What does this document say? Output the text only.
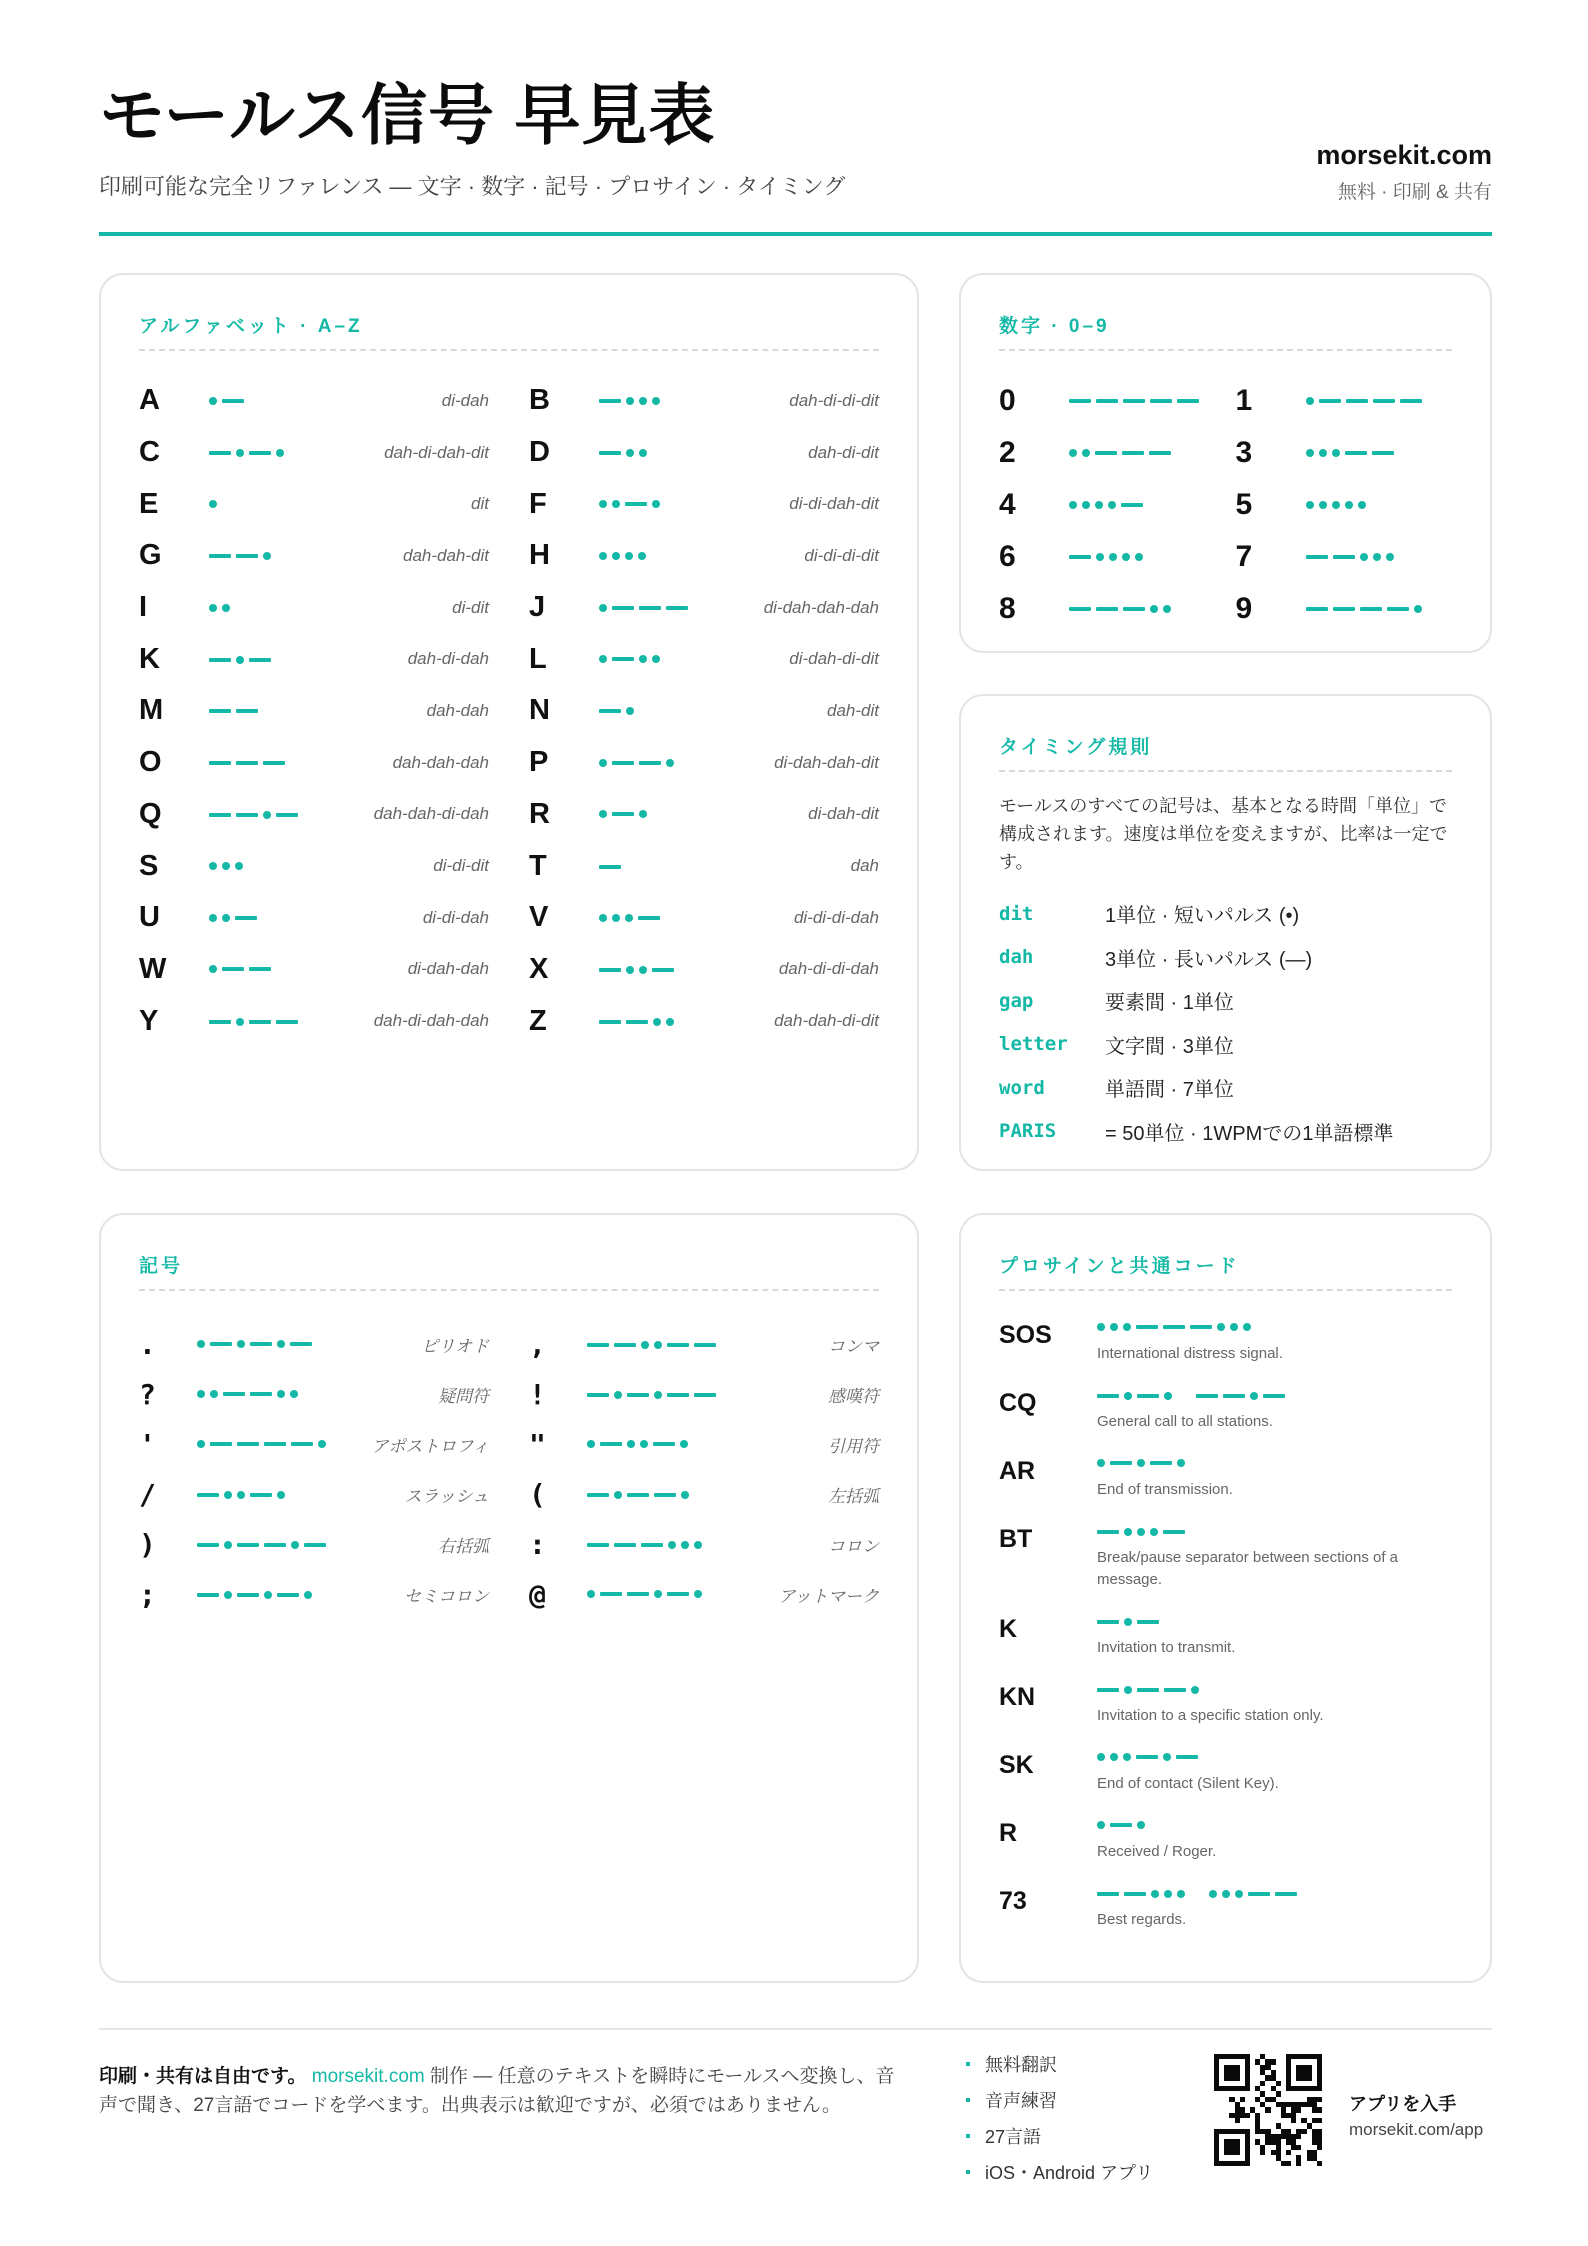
モールス信号 早見表
印刷可能な完全リファレンス — 文字 · 数字 · 記号 · プロサイン · タイミング
morsekit.com
無料 · 印刷 & 共有
アルファベット · A–Z
A	di-dah B	dah-di-di-dit
C	dah-di-dah-dit D	dah-di-dit
E	dit F	di-di-dah-dit
G	dah-dah-dit H	di-di-di-dit
I	di-dit J	di-dah-dah-dah
K	dah-di-dah L	di-dah-di-dit
M	dah-dah N	dah-dit
O	dah-dah-dah P	di-dah-dah-dit
Q	dah-dah-di-dah R	di-dah-dit
S	di-di-dit T	dah
U	di-di-dah V	di-di-di-dah
W	di-dah-dah X	dah-di-di-dah
Y	dah-di-dah-dah Z	dah-dah-di-dit
数字 · 0–9
0	1
2	3
4	5
6	7
8	9
タイミング規則

モールスのすべての記号は、基本となる時間「単位」で構成されます。速度は単位を変えますが、比率は一定です。

dit	1単位 · 短いパルス (•)
dah	3単位 · 長いパルス (—)
gap	要素間 · 1単位
letter	文字間 · 3単位
word	単語間 · 7単位
PARIS	= 50単位 · 1WPMでの1単語標準
記号
.	ピリオド ,	コンマ
?	疑問符 !	感嘆符
'	アポストロフィ "	引用符
/	スラッシュ (	左括弧
)	右括弧 :	コロン
;	セミコロン @	アットマーク
プロサインと共通コード
SOS
International distress signal.
CQ
General call to all stations.
AR
End of transmission.
BT
Break/pause separator between sections of a message.
K
Invitation to transmit.
KN
Invitation to a specific station only.
SK
End of contact (Silent Key).
R
Received / Roger.
73
Best regards.

印刷・共有は自由です。 morsekit.com 制作 — 任意のテキストを瞬時にモールスへ変換し、音声で聞き、27言語でコードを学べます。出典表示は歓迎ですが、必須ではありません。

無料翻訳
音声練習
27言語
iOS・Android アプリ
アプリを入手
morsekit.com/app
